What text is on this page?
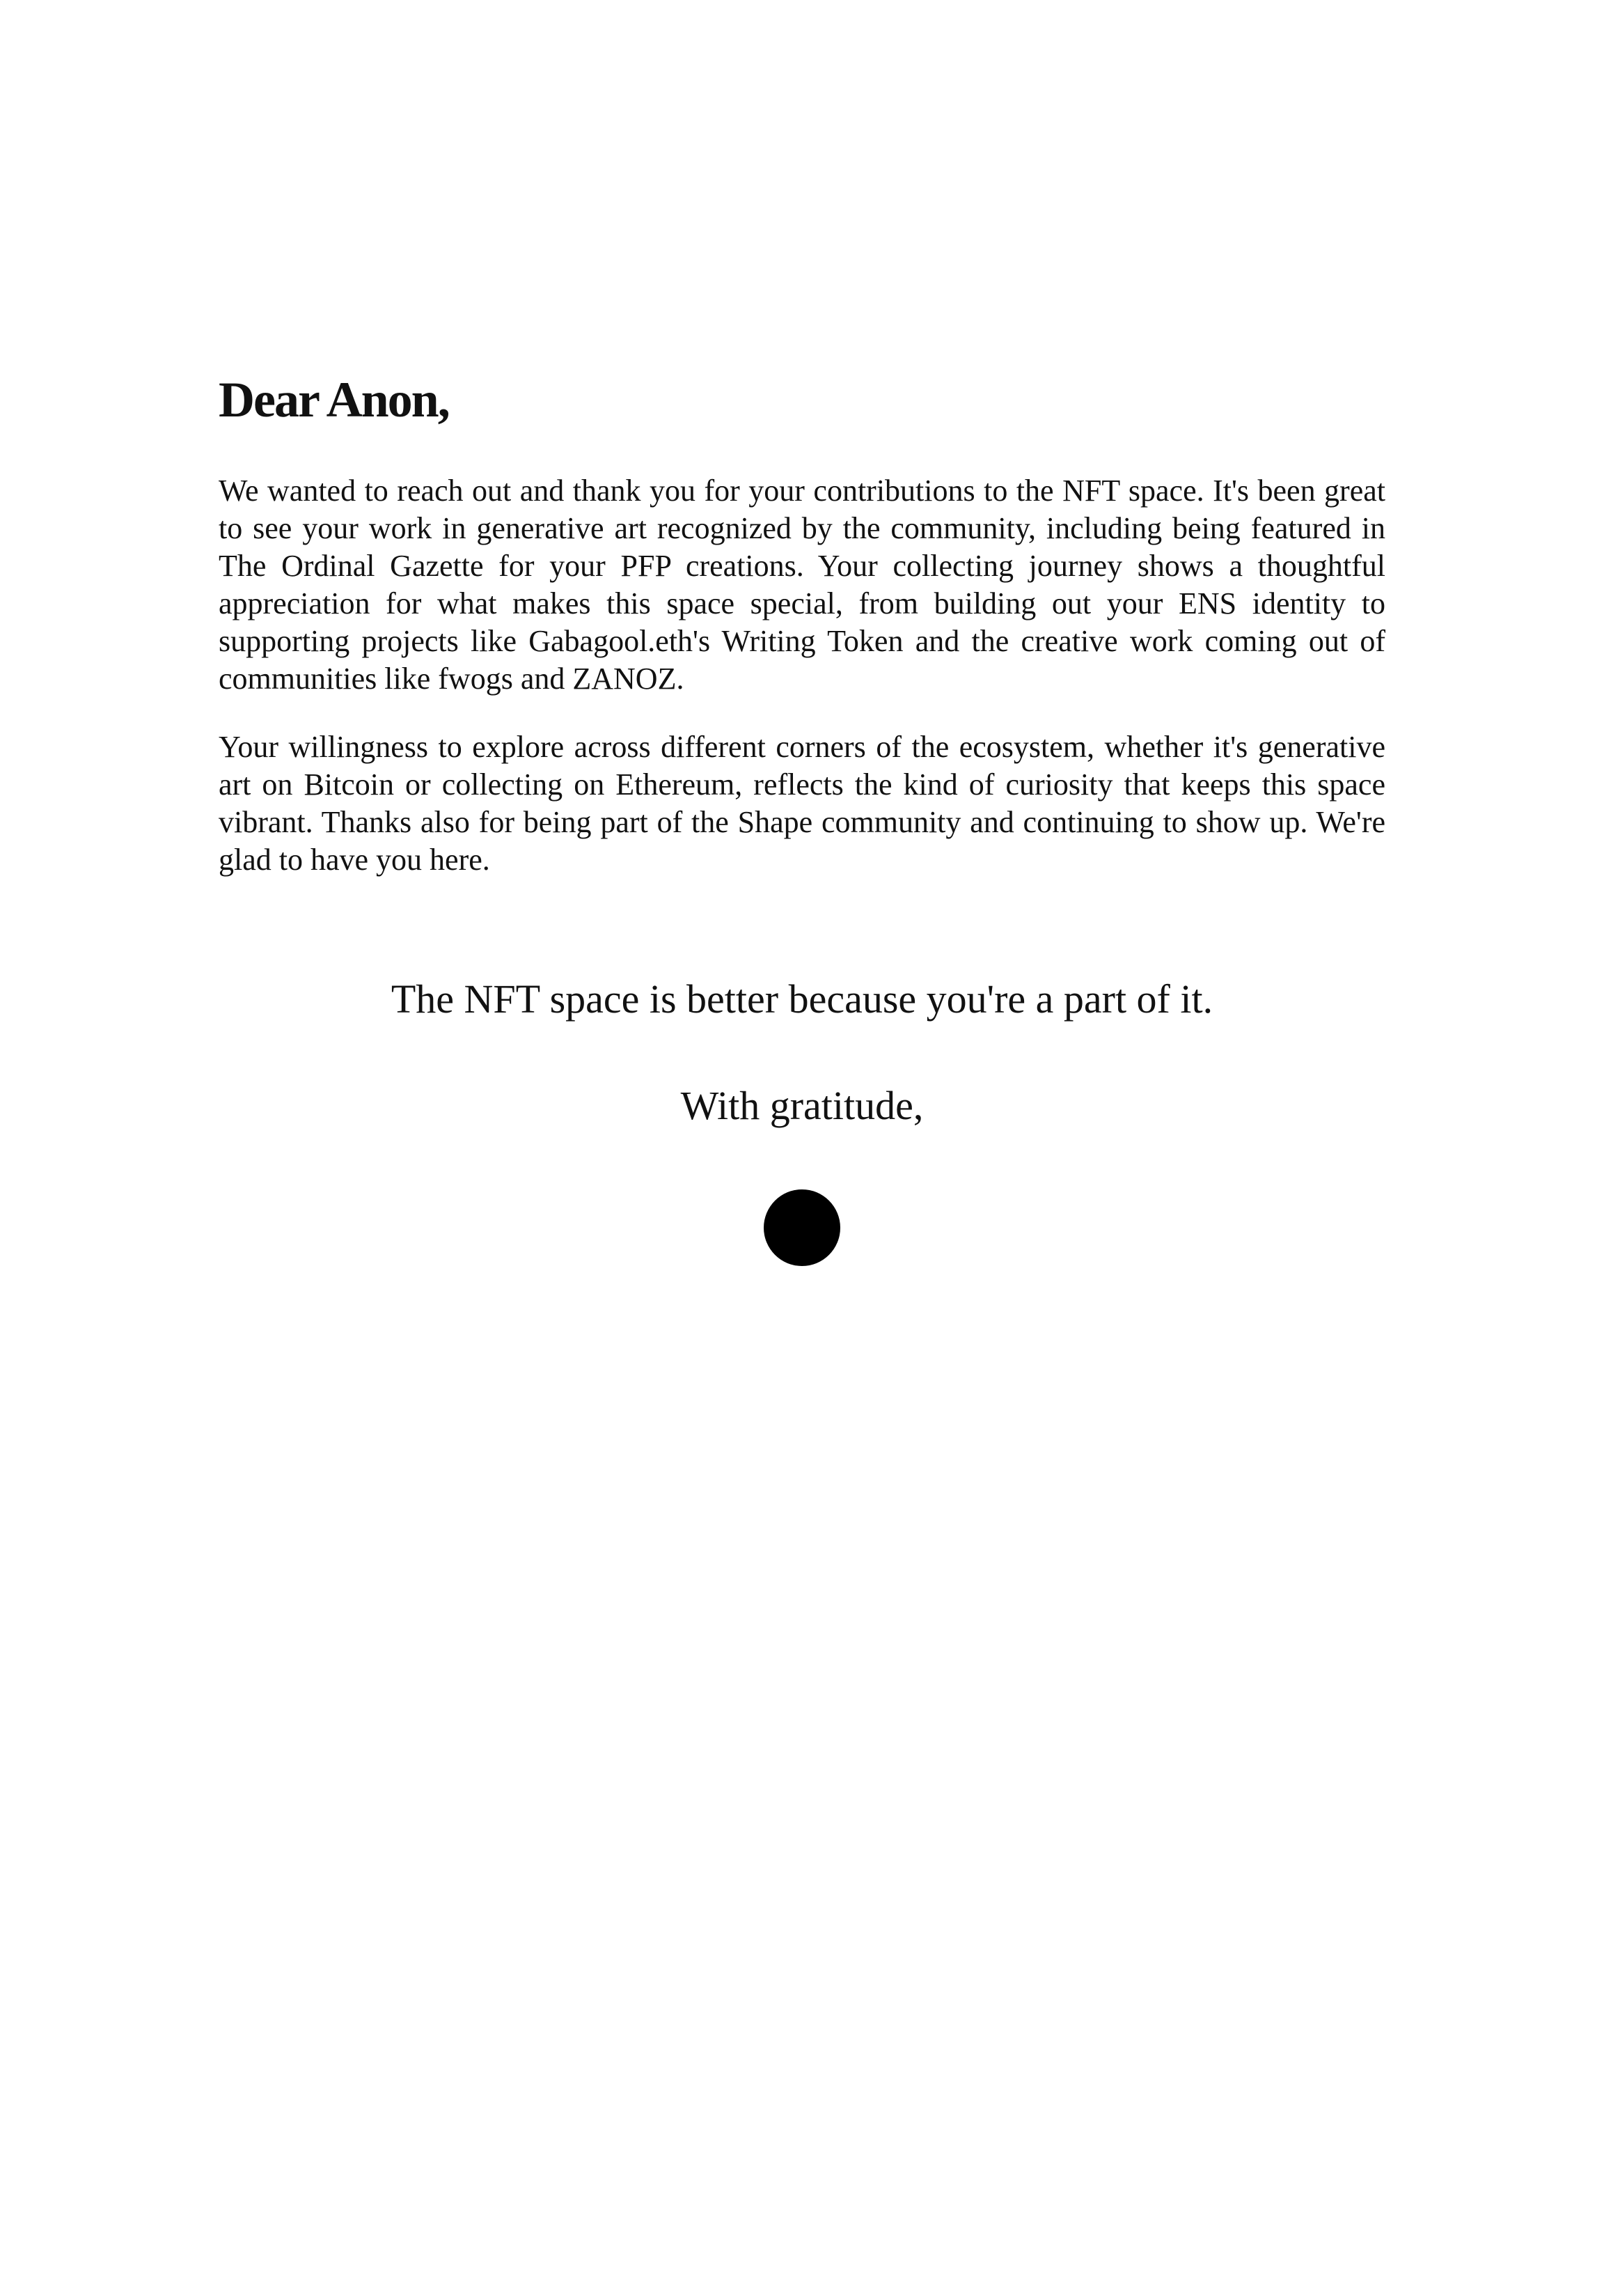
Dear Anon,

We wanted to reach out and thank you for your contributions to the NFT space. It's been great to see your work in generative art recognized by the community, including being featured in The Ordinal Gazette for your PFP creations. Your collecting journey shows a thoughtful appreciation for what makes this space special, from building out your ENS identity to supporting projects like Gabagool.eth's Writing Token and the creative work coming out of communities like fwogs and ZANOZ.

Your willingness to explore across different corners of the ecosystem, whether it's generative art on Bitcoin or collecting on Ethereum, reflects the kind of curiosity that keeps this space vibrant. Thanks also for being part of the Shape community and continuing to show up. We're glad to have you here.

The NFT space is better because you're a part of it.

With gratitude,
